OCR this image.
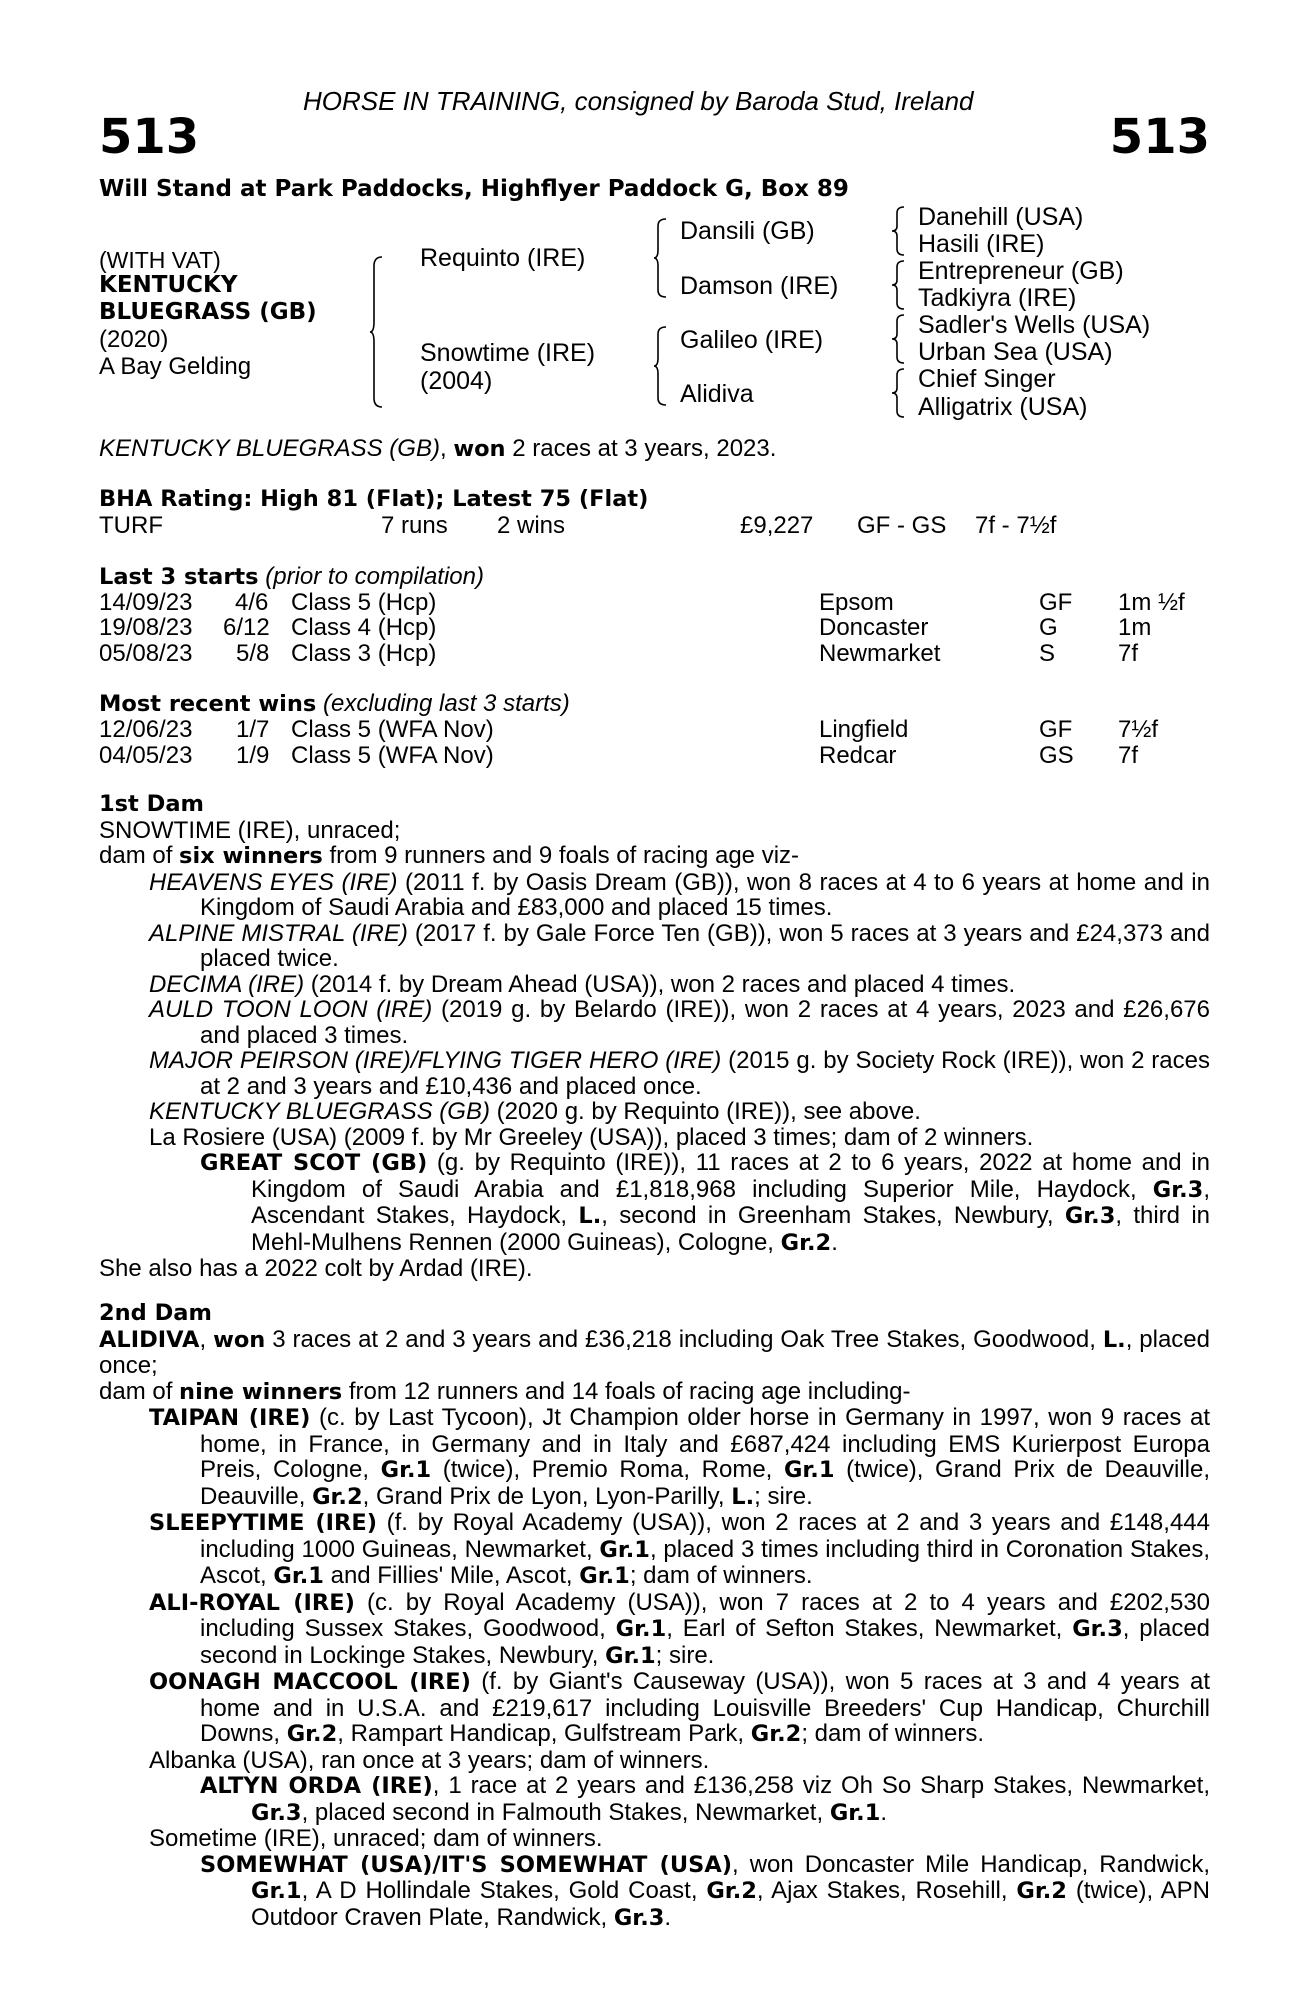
HORSE IN TRAINING, consigned by Baroda Stud, Ireland
513	513
Will Stand at Park Paddocks, Highflyer Paddock G, Box 89
(WITH VAT)
KENTUCKY
BLUEGRASS (GB)
(2020)
A Bay Gelding
Requinto (IRE)
Snowtime (IRE)
(2004)
Dansili (GB)
Damson (IRE)
Galileo (IRE)
Alidiva
Danehill (USA)
Hasili (IRE)
Entrepreneur (GB)
Tadkiyra (IRE)
Sadler's Wells (USA)
Urban Sea (USA)
Chief Singer
Alligatrix (USA)
KENTUCKY BLUEGRASS (GB), won 2 races at 3 years, 2023.
BHA Rating: High 81 (Flat); Latest 75 (Flat)
TURF	7 runs 2 wins	£9,227 GF - GS 7f - 7½f
Last 3 starts (prior to compilation)
14/09/23 4/6 Class 5 (Hcp)	Epsom	GF 1m ½f
19/08/23 6/12 Class 4 (Hcp)	Doncaster	G	1m
05/08/23 5/8 Class 3 (Hcp)	Newmarket	S	7f
Most recent wins (excluding last 3 starts)
12/06/23 1/7 Class 5 (WFA Nov)	Lingfield	GF 7½f
04/05/23 1/9 Class 5 (WFA Nov)	Redcar	GS 7f
1st Dam
SNOWTIME (IRE), unraced;
dam of six winners from 9 runners and 9 foals of racing age viz-
HEAVENS EYES (IRE) (2011 f. by Oasis Dream (GB)), won 8 races at 4 to 6 years at home and in Kingdom of Saudi Arabia and £83,000 and placed 15 times.
ALPINE MISTRAL (IRE) (2017 f. by Gale Force Ten (GB)), won 5 races at 3 years and £24,373 and placed twice.
DECIMA (IRE) (2014 f. by Dream Ahead (USA)), won 2 races and placed 4 times.
AULD TOON LOON (IRE) (2019 g. by Belardo (IRE)), won 2 races at 4 years, 2023 and £26,676 and placed 3 times.
MAJOR PEIRSON (IRE)/FLYING TIGER HERO (IRE) (2015 g. by Society Rock (IRE)), won 2 races at 2 and 3 years and £10,436 and placed once.
KENTUCKY BLUEGRASS (GB) (2020 g. by Requinto (IRE)), see above.
La Rosiere (USA) (2009 f. by Mr Greeley (USA)), placed 3 times; dam of 2 winners.
GREAT SCOT (GB) (g. by Requinto (IRE)), 11 races at 2 to 6 years, 2022 at home and in Kingdom of Saudi Arabia and £1,818,968 including Superior Mile, Haydock, Gr.3, Ascendant Stakes, Haydock, L., second in Greenham Stakes, Newbury, Gr.3, third in Mehl-Mulhens Rennen (2000 Guineas), Cologne, Gr.2.
She also has a 2022 colt by Ardad (IRE).
2nd Dam
ALIDIVA, won 3 races at 2 and 3 years and £36,218 including Oak Tree Stakes, Goodwood, L., placed once;
dam of nine winners from 12 runners and 14 foals of racing age including-
TAIPAN (IRE) (c. by Last Tycoon), Jt Champion older horse in Germany in 1997, won 9 races at home, in France, in Germany and in Italy and £687,424 including EMS Kurierpost Europa Preis, Cologne, Gr.1 (twice), Premio Roma, Rome, Gr.1 (twice), Grand Prix de Deauville, Deauville, Gr.2, Grand Prix de Lyon, Lyon-Parilly, L.; sire.
SLEEPYTIME (IRE) (f. by Royal Academy (USA)), won 2 races at 2 and 3 years and £148,444 including 1000 Guineas, Newmarket, Gr.1, placed 3 times including third in Coronation Stakes, Ascot, Gr.1 and Fillies' Mile, Ascot, Gr.1; dam of winners.
ALI-ROYAL (IRE) (c. by Royal Academy (USA)), won 7 races at 2 to 4 years and £202,530 including Sussex Stakes, Goodwood, Gr.1, Earl of Sefton Stakes, Newmarket, Gr.3, placed second in Lockinge Stakes, Newbury, Gr.1; sire.
OONAGH MACCOOL (IRE) (f. by Giant's Causeway (USA)), won 5 races at 3 and 4 years at home and in U.S.A. and £219,617 including Louisville Breeders' Cup Handicap, Churchill Downs, Gr.2, Rampart Handicap, Gulfstream Park, Gr.2; dam of winners.
Albanka (USA), ran once at 3 years; dam of winners.
ALTYN ORDA (IRE), 1 race at 2 years and £136,258 viz Oh So Sharp Stakes, Newmarket, Gr.3, placed second in Falmouth Stakes, Newmarket, Gr.1.
Sometime (IRE), unraced; dam of winners.
SOMEWHAT (USA)/IT'S SOMEWHAT (USA), won Doncaster Mile Handicap, Randwick, Gr.1, A D Hollindale Stakes, Gold Coast, Gr.2, Ajax Stakes, Rosehill, Gr.2 (twice), APN Outdoor Craven Plate, Randwick, Gr.3.
